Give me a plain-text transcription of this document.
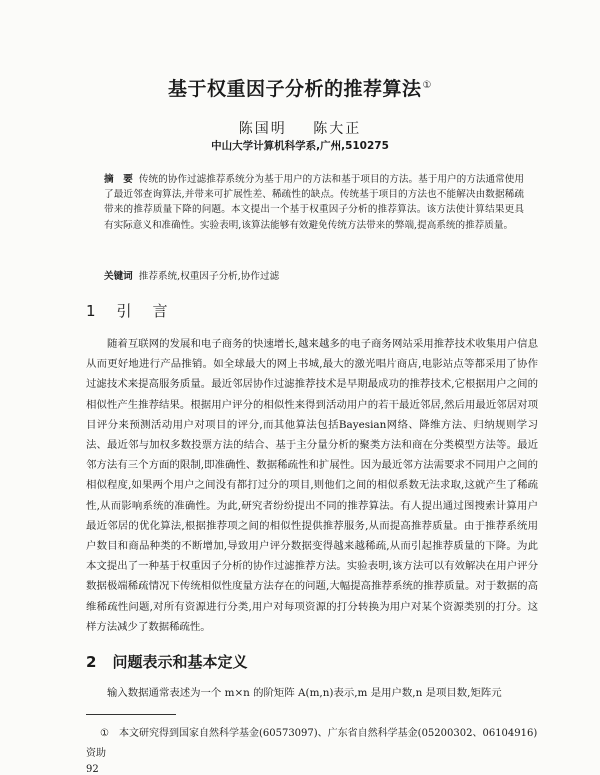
基于权重因子分析的推荐算法①
陈国明 陈大正
中山大学计算机科学系,广州,510275
摘　要 传统的协作过滤推荐系统分为基于用户的方法和基于项目的方法。基于用户的方法通常使用了最近邻查询算法,并带来可扩展性差、稀疏性的缺点。传统基于项目的方法也不能解决由数据稀疏带来的推荐质量下降的问题。本文提出一个基于权重因子分析的推荐算法。该方法使计算结果更具有实际意义和准确性。实验表明,该算法能够有效避免传统方法带来的弊端,提高系统的推荐质量。
关键词 推荐系统,权重因子分析,协作过滤
1 引　言
随着互联网的发展和电子商务的快速增长,越来越多的电子商务网站采用推荐技术收集用户信息从而更好地进行产品推销。如全球最大的网上书城,最大的激光唱片商店,电影站点等都采用了协作过滤技术来提高服务质量。最近邻居协作过滤推荐技术是早期最成功的推荐技术,它根据用户之间的相似性产生推荐结果。根据用户评分的相似性来得到活动用户的若干最近邻居,然后用最近邻居对项目评分来预测活动用户对项目的评分,而其他算法包括Bayesian网络、降维方法、归纳规则学习法、最近邻与加权多数投票方法的结合、基于主分量分析的聚类方法和商在分类模型方法等。最近邻方法有三个方面的限制,即准确性、数据稀疏性和扩展性。因为最近邻方法需要求不同用户之间的相似程度,如果两个用户之间没有都打过分的项目,则他们之间的相似系数无法求取,这就产生了稀疏性,从而影响系统的准确性。为此,研究者纷纷提出不同的推荐算法。有人提出通过图搜索计算用户最近邻居的优化算法,根据推荐项之间的相似性提供推荐服务,从而提高推荐质量。由于推荐系统用户数目和商品种类的不断增加,导致用户评分数据变得越来越稀疏,从而引起推荐质量的下降。为此本文提出了一种基于权重因子分析的协作过滤推荐方法。实验表明,该方法可以有效解决在用户评分数据极端稀疏情况下传统相似性度量方法存在的问题,大幅提高推荐系统的推荐质量。对于数据的高维稀疏性问题,对所有资源进行分类,用户对每项资源的打分转换为用户对某个资源类别的打分。这样方法减少了数据稀疏性。
2 问题表示和基本定义
输入数据通常表述为一个 m×n 的阶矩阵 A(m,n)表示,m 是用户数,n 是项目数,矩阵元
① 本文研究得到国家自然科学基金(60573097)、广东省自然科学基金(05200302、06104916)资助
92
